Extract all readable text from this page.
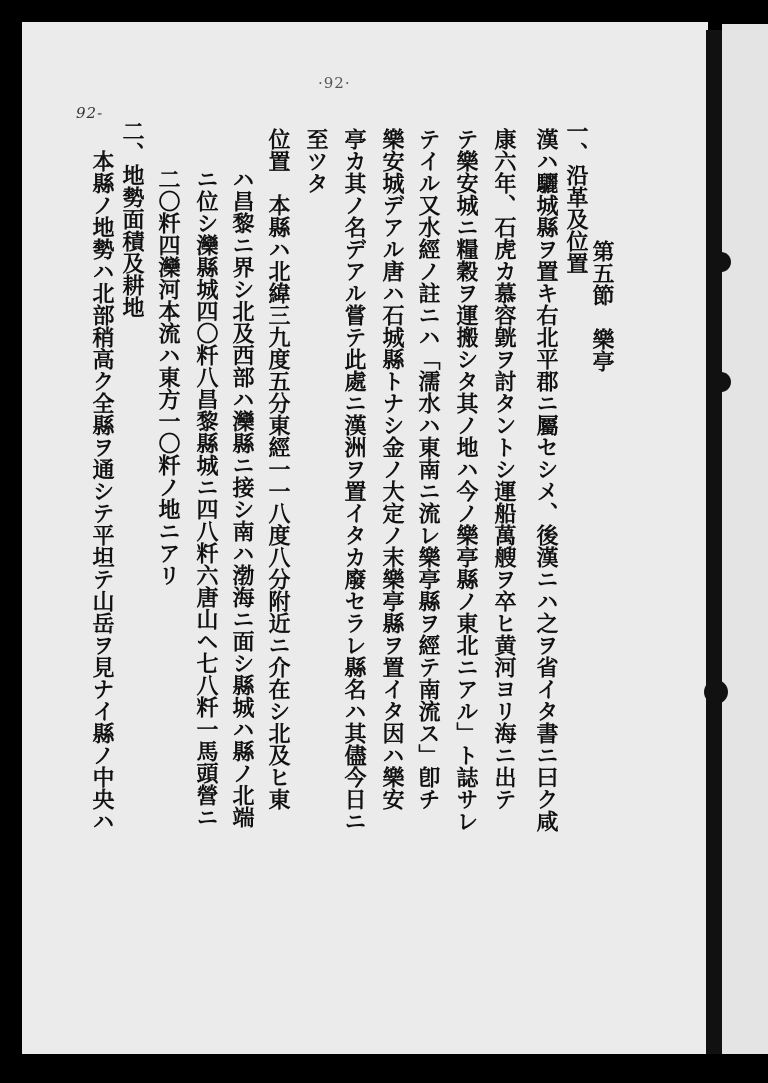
·92·
92-
一、沿革及位置
漢ハ驪城縣ヲ置キ右北平郡ニ屬セシメ、後漢ニハ之ヲ省イタ書ニ曰ク咸
康六年、石虎カ慕容皝ヲ討タントシ運船萬艘ヲ卒ヒ黄河ヨリ海ニ出テ
テ樂安城ニ糧穀ヲ運搬シタ其ノ地ハ今ノ樂亭縣ノ東北ニアル」ト誌サレ
テイル又水經ノ註ニハ「濡水ハ東南ニ流レ樂亭縣ヲ經テ南流ス」卽チ
樂安城デアル唐ハ石城縣トナシ金ノ大定ノ末樂亭縣ヲ置イタ因ハ樂安
亭カ其ノ名デアル嘗テ此處ニ漢洲ヲ置イタカ廢セラレ縣名ハ其儘今日ニ
至ツタ
位置　本縣ハ北緯三九度五分東經一一八度八分附近ニ介在シ北及ヒ東
ハ昌黎ニ界シ北及西部ハ灤縣ニ接シ南ハ渤海ニ面シ縣城ハ縣ノ北端
ニ位シ灤縣城四〇粁八昌黎縣城ニ四八粁六唐山ヘ七八粁一馬頭營ニ
二〇粁四灤河本流ハ東方一〇粁ノ地ニアリ
二、地勢面積及耕地
本縣ノ地勢ハ北部稍高ク全縣ヲ通シテ平坦テ山岳ヲ見ナイ縣ノ中央ハ
